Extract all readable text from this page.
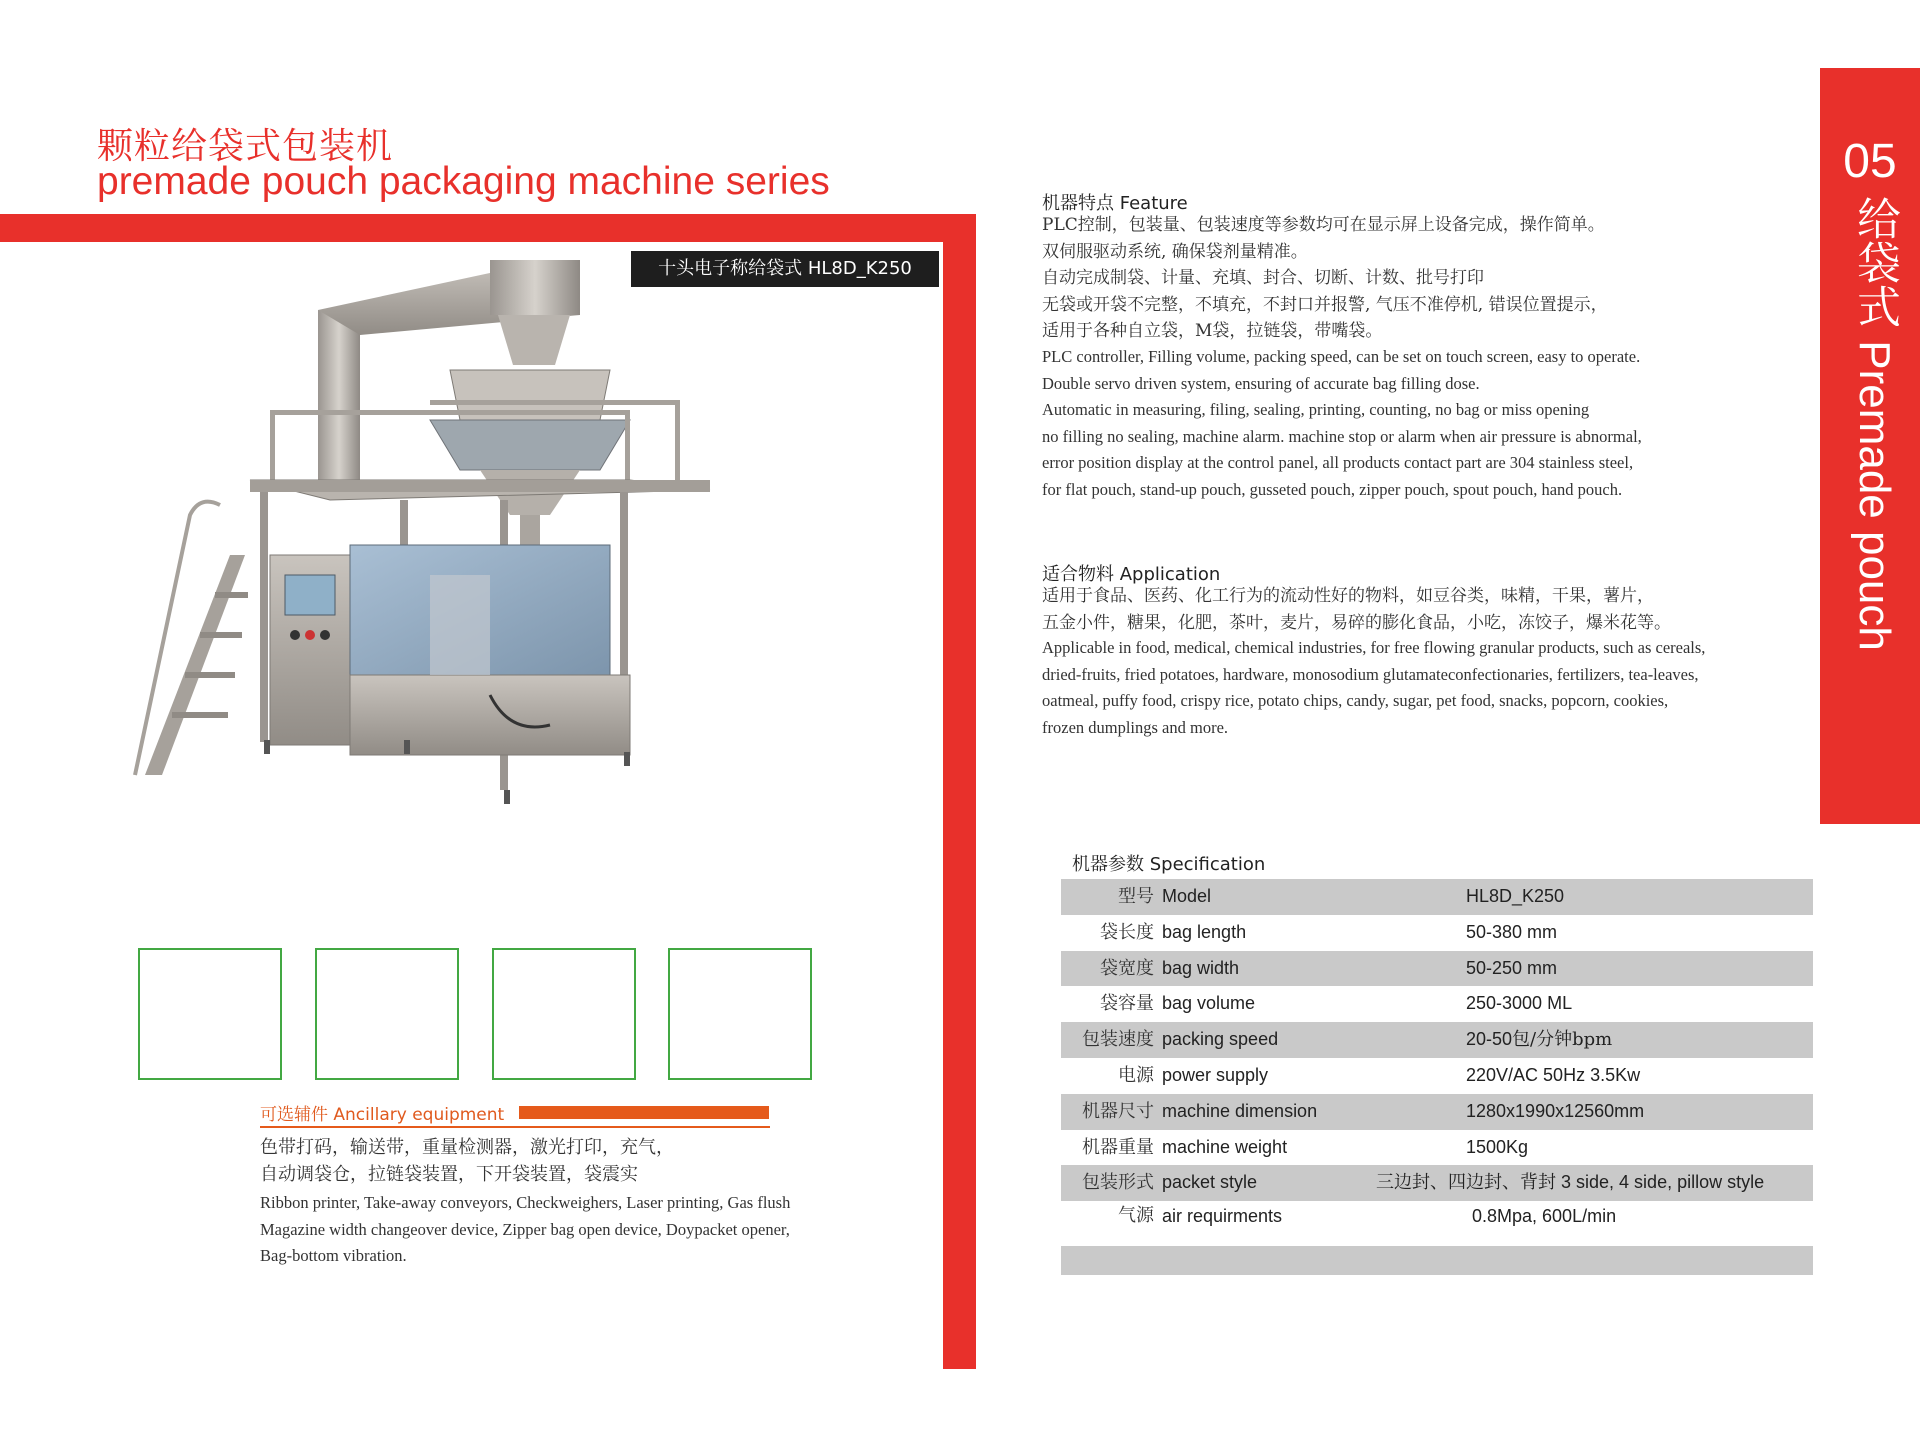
颗粒给袋式包装机
premade pouch packaging machine series
十头电子称给袋式 HL8D_K250
可选辅件 Ancillary equipment
色带打码，输送带，重量检测器，激光打印，充气，
自动调袋仓，拉链袋装置，下开袋装置，袋震实
Ribbon printer, Take-away conveyors, Checkweighers, Laser printing, Gas flush
Magazine width changeover device, Zipper bag open device, Doypacket opener,
Bag-bottom vibration.
机器特点 Feature
PLC控制，包装量、包装速度等参数均可在显示屏上设备完成，操作简单。
双伺服驱动系统, 确保袋剂量精准。
自动完成制袋、计量、充填、封合、切断、计数、批号打印
无袋或开袋不完整，不填充，不封口并报警, 气压不准停机, 错误位置提示，
适用于各种自立袋，M袋，拉链袋，带嘴袋。
PLC controller, Filling volume, packing speed, can be set on touch screen, easy to operate.
Double servo driven system, ensuring of accurate bag filling dose.
Automatic in measuring, filing, sealing, printing, counting, no bag or miss opening
no filling no sealing, machine alarm. machine stop or alarm when air pressure is abnormal,
error position display at the control panel, all products contact part are 304 stainless steel,
for flat pouch, stand-up pouch, gusseted pouch, zipper pouch, spout pouch, hand pouch.
适合物料 Application
适用于食品、医药、化工行为的流动性好的物料，如豆谷类，味精，干果，薯片，
五金小件，糖果，化肥，茶叶，麦片，易碎的膨化食品，小吃，冻饺子，爆米花等。
Applicable in food, medical, chemical industries, for free flowing granular products, such as cereals,
dried-fruits, fried potatoes, hardware, monosodium glutamateconfectionaries, fertilizers, tea-leaves,
oatmeal, puffy food, crispy rice, potato chips, candy, sugar, pet food, snacks, popcorn, cookies,
frozen dumplings and more.
05
给袋式 Premade pouch
机器参数 Specification
型号 Model	HL8D_K250
袋长度 bag length	50-380 mm
袋宽度 bag width	50-250 mm
袋容量 bag volume	250-3000 ML
包装速度 packing speed	20-50包/分钟bpm
电源 power supply	220V/AC 50Hz 3.5Kw
机器尺寸 machine dimension	1280x1990x12560mm
机器重量 machine weight	1500Kg
包装形式 packet style	三边封、四边封、背封 3 side, 4 side, pillow style
气源 air requirments	0.8Mpa, 600L/min
